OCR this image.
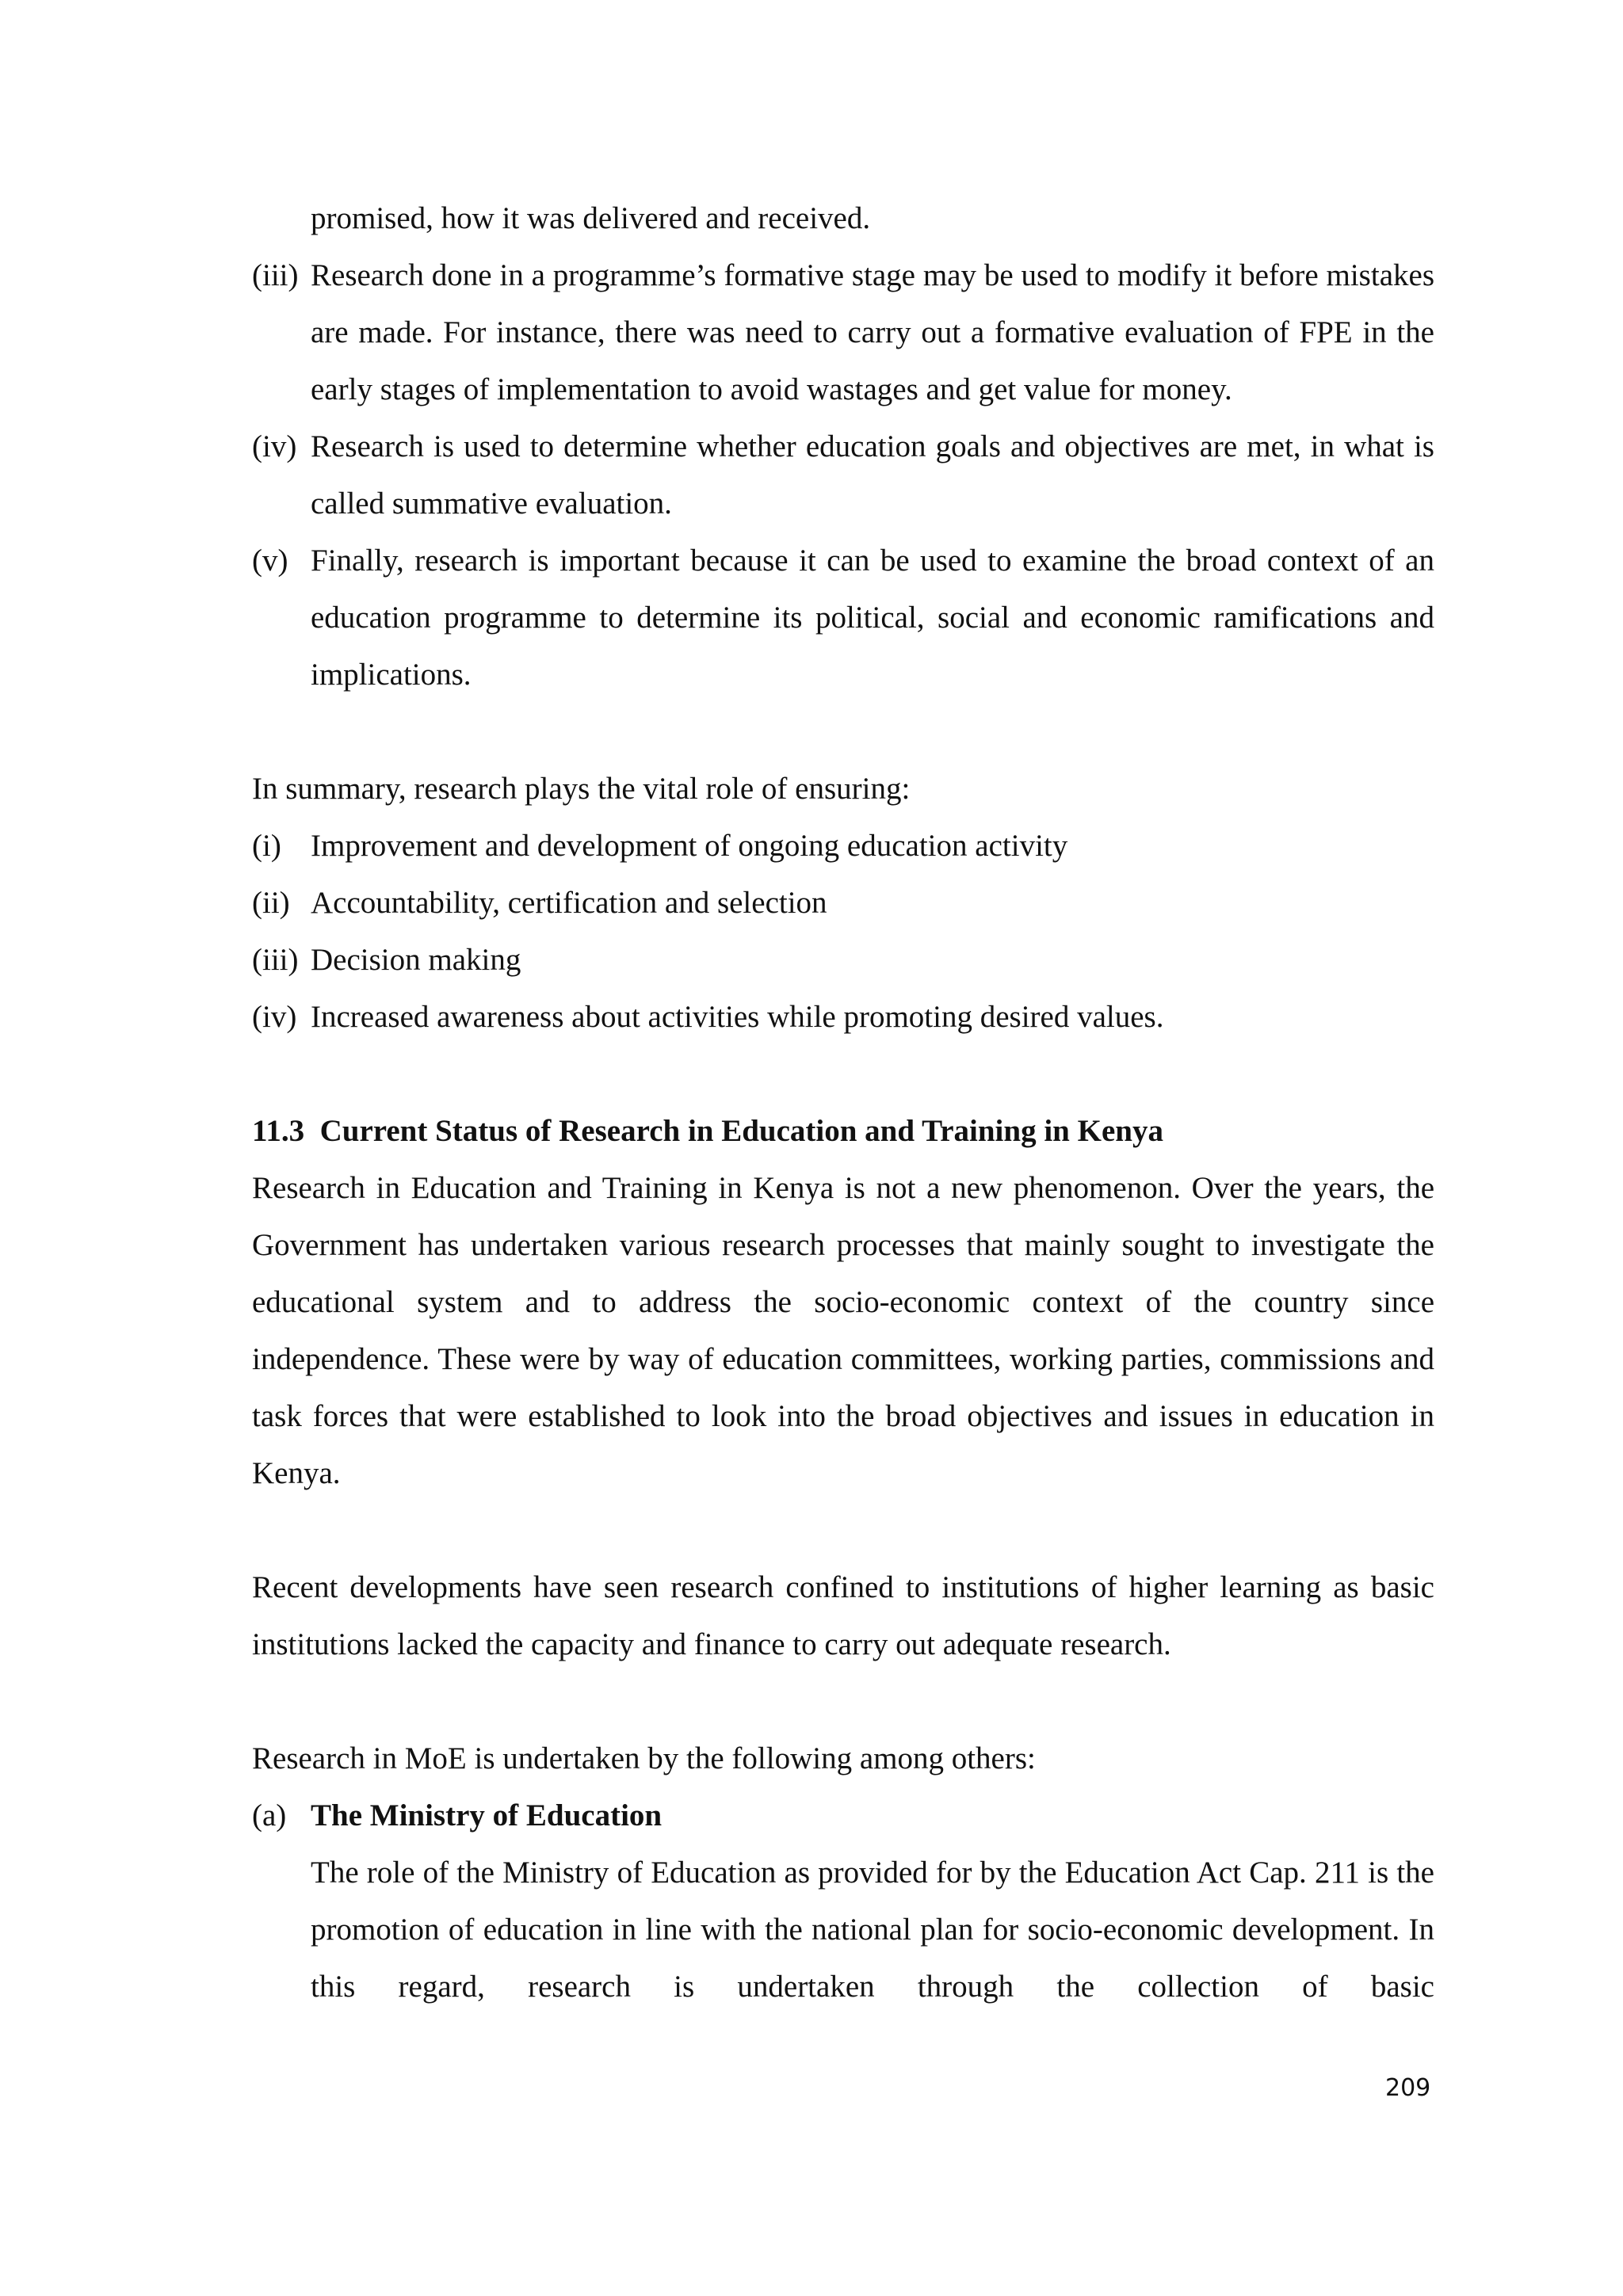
promised, how it was delivered and received.
(iii) Research done in a programme’s formative stage may be used to modify it before mistakes are made. For instance, there was need to carry out a formative evaluation of FPE in the early stages of implementation to avoid wastages and get value for money.
(iv) Research is used to determine whether education goals and objectives are met, in what is called summative evaluation.
(v) Finally, research is important because it can be used to examine the broad context of an education programme to determine its political, social and economic ramifications and implications.
In summary, research plays the vital role of ensuring:
(i) Improvement and development of ongoing education activity
(ii) Accountability, certification and selection
(iii) Decision making
(iv) Increased awareness about activities while promoting desired values.
11.3  Current Status of Research in Education and Training in Kenya
Research in Education and Training in Kenya is not a new phenomenon. Over the years, the Government has undertaken various research processes that mainly sought to investigate the educational system and to address the socio-economic context of the country since independence. These were by way of education committees, working parties, commissions and task forces that were established to look into the broad objectives and issues in education in Kenya.
Recent developments have seen research confined to institutions of higher learning as basic institutions lacked the capacity and finance to carry out adequate research.
Research in MoE is undertaken by the following among others:
(a) The Ministry of Education
The role of the Ministry of Education as provided for by the Education Act Cap. 211 is the promotion of education in line with the national plan for socio-economic development. In this regard, research is undertaken through the collection of basic
209
